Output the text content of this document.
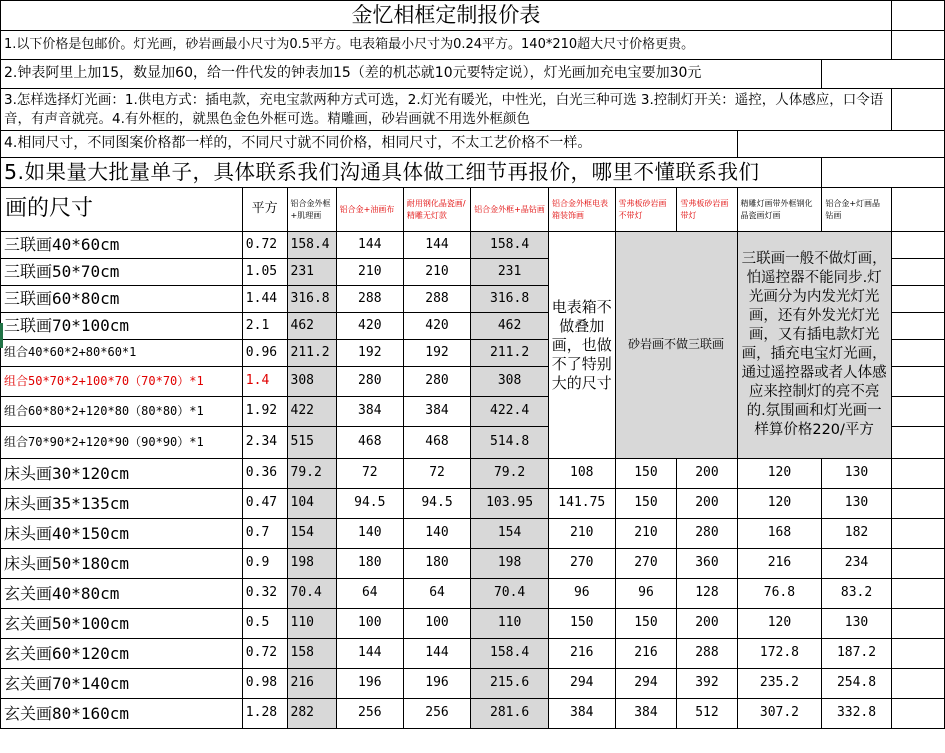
金忆相框定制报价表											
1.以下价格是包邮价。灯光画，砂岩画最小尺寸为0.5平方。电表箱最小尺寸为0.24平方。140*210超大尺寸价格更贵。											
2.钟表阿里上加15，数显加60，给一件代发的钟表加15（差的机芯就10元要特定说），灯光画加充电宝要加30元											
3.怎样选择灯光画：1.供电方式：插电款，充电宝款两种方式可选，2.灯光有暖光，中性光，白光三种可选 3.控制灯开关：遥控，人体感应，口令语音，有声音就亮。4.有外框的，就黑色金色外框可选。精雕画，砂岩画就不用选外框颜色											
4.相同尺寸，不同图案价格都一样的，不同尺寸就不同价格，相同尺寸，不太工艺价格不一样。											
5.如果量大批量单子，具体联系我们沟通具体做工细节再报价，哪里不懂联系我们											
画的尺寸	平方	铝合金外框+肌理画	铝合金+油画布	耐用钢化晶瓷画/精雕无灯款	铝合金外框+晶钻画	铝合金外框电表箱装饰画	雪弗板砂岩画不带灯	雪弗板砂岩画带灯	精雕灯画带外框钢化晶瓷画灯画	铝合金+灯画晶钻画	
三联画40*60cm	0.72	158.4	144	144	158.4	电表箱不做叠加画，也做不了特别大的尺寸	砂岩画不做三联画		三联画一般不做灯画，怕遥控器不能同步.灯光画分为内发光灯光画，还有外发光灯光画，又有插电款灯光画，插充电宝灯光画，通过遥控器或者人体感应来控制灯的亮不亮的.氛围画和灯光画一样算价格220/平方		
三联画50*70cm	1.05	231	210	210	231						
三联画60*80cm	1.44	316.8	288	288	316.8						
三联画70*100cm	2.1	462	420	420	462						
组合40*60*2+80*60*1	0.96	211.2	192	192	211.2						
组合50*70*2+100*70（70*70）*1	1.4	308	280	280	308						
组合60*80*2+120*80（80*80）*1	1.92	422	384	384	422.4						
组合70*90*2+120*90（90*90）*1	2.34	515	468	468	514.8						
床头画30*120cm	0.36	79.2	72	72	79.2	108	150	200	120	130	
床头画35*135cm	0.47	104	94.5	94.5	103.95	141.75	150	200	120	130	
床头画40*150cm	0.7	154	140	140	154	210	210	280	168	182	
床头画50*180cm	0.9	198	180	180	198	270	270	360	216	234	
玄关画40*80cm	0.32	70.4	64	64	70.4	96	96	128	76.8	83.2	
玄关画50*100cm	0.5	110	100	100	110	150	150	200	120	130	
玄关画60*120cm	0.72	158	144	144	158.4	216	216	288	172.8	187.2	
玄关画70*140cm	0.98	216	196	196	215.6	294	294	392	235.2	254.8	
玄关画80*160cm	1.28	282	256	256	281.6	384	384	512	307.2	332.8	
